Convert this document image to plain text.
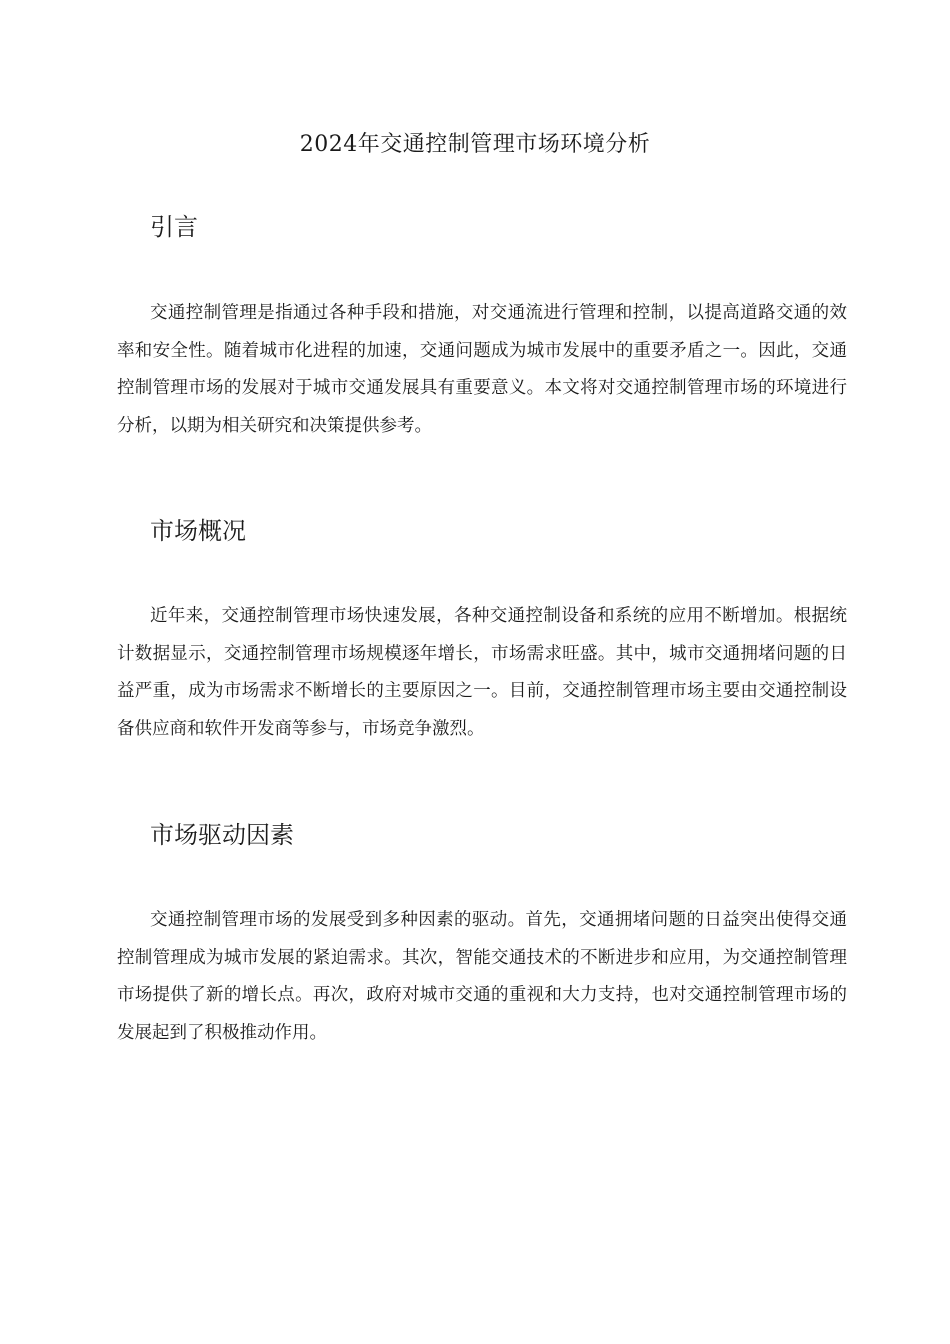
2024年交通控制管理市场环境分析
引言

交通控制管理是指通过各种手段和措施，对交通流进行管理和控制，以提高道路交通的效率和安全性。随着城市化进程的加速，交通问题成为城市发展中的重要矛盾之一。因此，交通控制管理市场的发展对于城市交通发展具有重要意义。本文将对交通控制管理市场的环境进行分析，以期为相关研究和决策提供参考。

市场概况

近年来，交通控制管理市场快速发展，各种交通控制设备和系统的应用不断增加。根据统计数据显示，交通控制管理市场规模逐年增长，市场需求旺盛。其中，城市交通拥堵问题的日益严重，成为市场需求不断增长的主要原因之一。目前，交通控制管理市场主要由交通控制设备供应商和软件开发商等参与，市场竞争激烈。

市场驱动因素

交通控制管理市场的发展受到多种因素的驱动。首先，交通拥堵问题的日益突出使得交通控制管理成为城市发展的紧迫需求。其次，智能交通技术的不断进步和应用，为交通控制管理市场提供了新的增长点。再次，政府对城市交通的重视和大力支持，也对交通控制管理市场的发展起到了积极推动作用。
